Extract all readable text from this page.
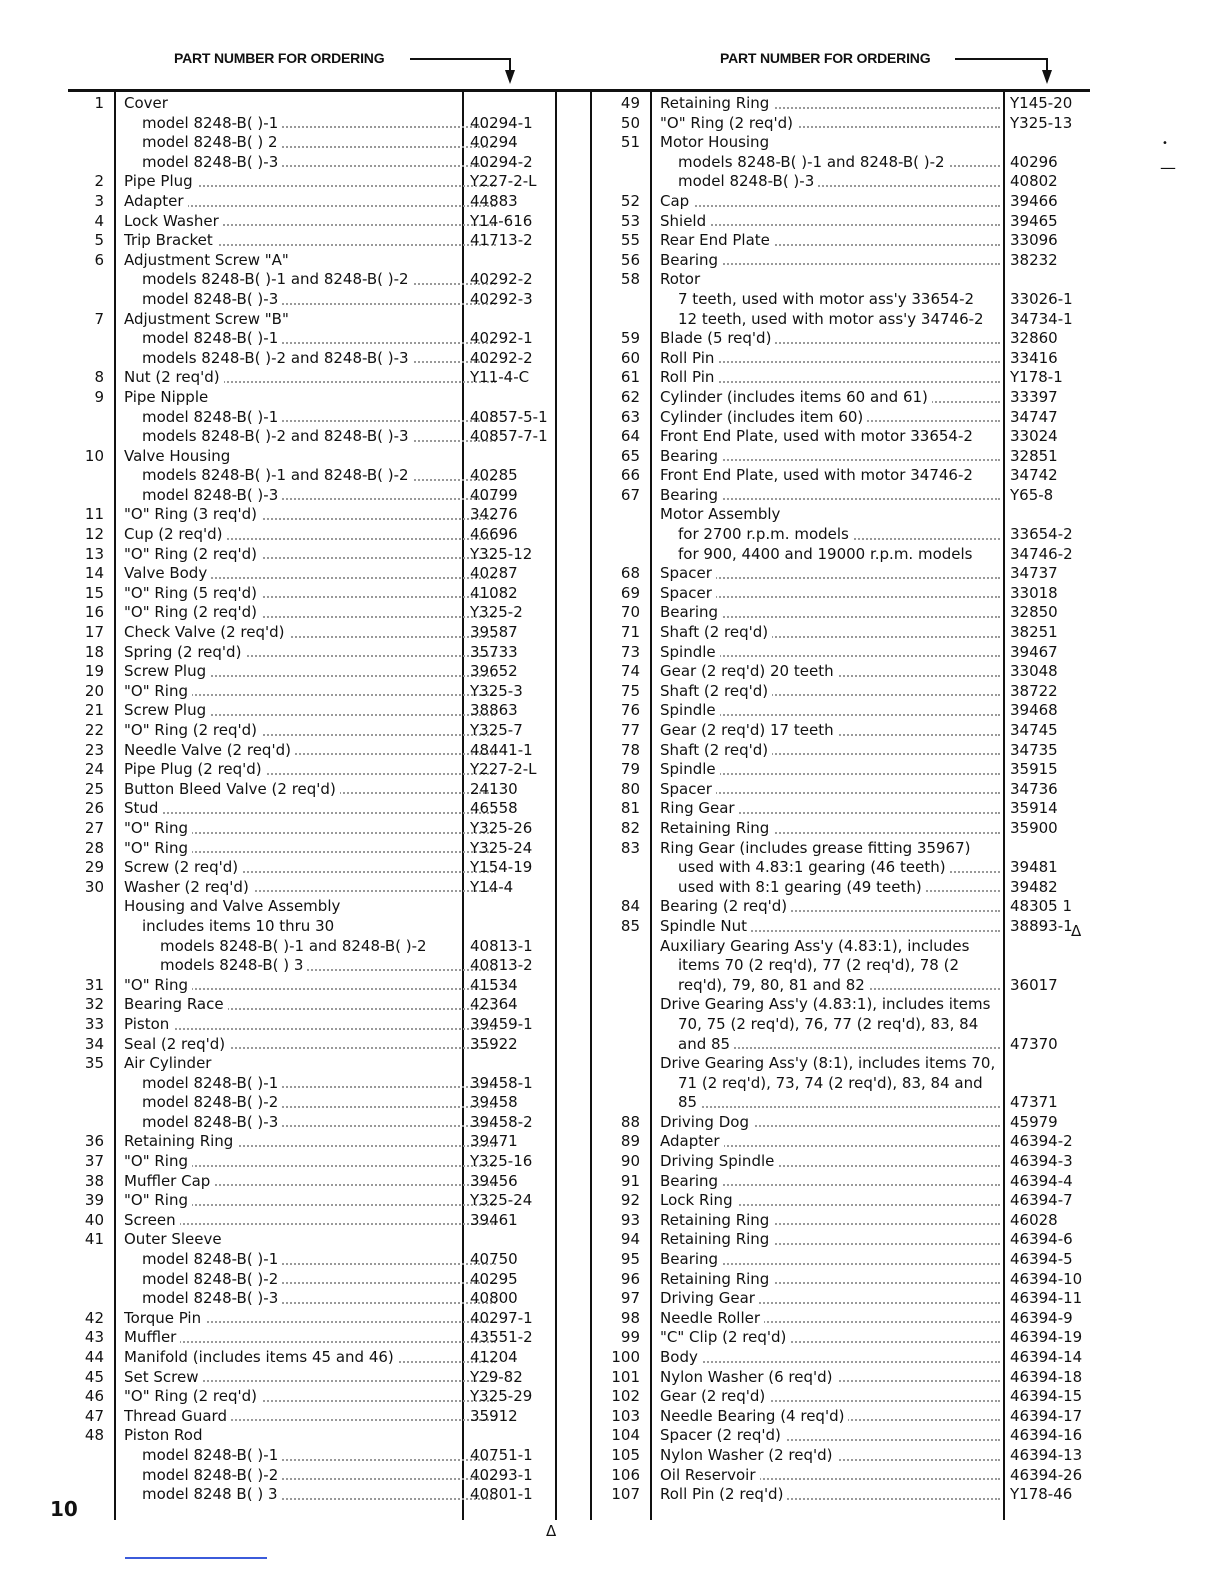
PART NUMBER FOR ORDERING	PART NUMBER FOR ORDERING
1 Cover
model 8248-B( )-1	40294-1
model 8248-B( ) 2	40294
model 8248-B( )-3	40294-2
2 Pipe Plug	Y227-2-L
3 Adapter	44883
4 Lock Washer	Y14-616
5 Trip Bracket	41713-2
6 Adjustment Screw "A"
models 8248-B( )-1 and 8248-B( )-2	40292-2
model 8248-B( )-3	40292-3
7 Adjustment Screw "B"
model 8248-B( )-1	40292-1
models 8248-B( )-2 and 8248-B( )-3	40292-2
8 Nut (2 req'd)	Y11-4-C
9 Pipe Nipple
model 8248-B( )-1	40857-5-1
models 8248-B( )-2 and 8248-B( )-3	40857-7-1
10 Valve Housing
models 8248-B( )-1 and 8248-B( )-2	40285
model 8248-B( )-3	40799
11 "O" Ring (3 req'd)	34276
12 Cup (2 req'd)	46696
13 "O" Ring (2 req'd)	Y325-12
14 Valve Body	40287
15 "O" Ring (5 req'd)	41082
16 "O" Ring (2 req'd)	Y325-2
17 Check Valve (2 req'd)	39587
18 Spring (2 req'd)	35733
19 Screw Plug	39652
20 "O" Ring	Y325-3
21 Screw Plug	38863
22 "O" Ring (2 req'd)	Y325-7
23 Needle Valve (2 req'd)	48441-1
24 Pipe Plug (2 req'd)	Y227-2-L
25 Button Bleed Valve (2 req'd)	24130
26 Stud	46558
27 "O" Ring	Y325-26
28 "O" Ring	Y325-24
29 Screw (2 req'd)	Y154-19
30 Washer (2 req'd)	Y14-4
Housing and Valve Assembly
includes items 10 thru 30
models 8248-B( )-1 and 8248-B( )-2	40813-1
models 8248-B( ) 3	40813-2
31 "O" Ring	41534
32 Bearing Race	42364
33 Piston	39459-1
34 Seal (2 req'd)	35922
35 Air Cylinder
model 8248-B( )-1	39458-1
model 8248-B( )-2	39458
model 8248-B( )-3	39458-2
36 Retaining Ring	39471
37 "O" Ring	Y325-16
38 Muffler Cap	39456
39 "O" Ring	Y325-24
40 Screen	39461
41 Outer Sleeve
model 8248-B( )-1	40750
model 8248-B( )-2	40295
model 8248-B( )-3	40800
42 Torque Pin	40297-1
43 Muffler	43551-2
44 Manifold (includes items 45 and 46)	41204
45 Set Screw	Y29-82
46 "O" Ring (2 req'd)	Y325-29
47 Thread Guard	35912
48 Piston Rod
model 8248-B( )-1	40751-1
model 8248-B( )-2	40293-1
model 8248 B( ) 3	40801-1
49 Retaining Ring	Y145-20
50 "O" Ring (2 req'd)	Y325-13
51 Motor Housing
models 8248-B( )-1 and 8248-B( )-2	40296
model 8248-B( )-3	40802
52 Cap	39466
53 Shield	39465
55 Rear End Plate	33096
56 Bearing	38232
58 Rotor
7 teeth, used with motor ass'y 33654-2	33026-1
12 teeth, used with motor ass'y 34746-2	34734-1
59 Blade (5 req'd)	32860
60 Roll Pin	33416
61 Roll Pin	Y178-1
62 Cylinder (includes items 60 and 61)	33397
63 Cylinder (includes item 60)	34747
64 Front End Plate, used with motor 33654-2	33024
65 Bearing	32851
66 Front End Plate, used with motor 34746-2	34742
67 Bearing	Y65-8
Motor Assembly
for 2700 r.p.m. models	33654-2
for 900, 4400 and 19000 r.p.m. models	34746-2
68 Spacer	34737
69 Spacer	33018
70 Bearing	32850
71 Shaft (2 req'd)	38251
73 Spindle	39467
74 Gear (2 req'd) 20 teeth	33048
75 Shaft (2 req'd)	38722
76 Spindle	39468
77 Gear (2 req'd) 17 teeth	34745
78 Shaft (2 req'd)	34735
79 Spindle	35915
80 Spacer	34736
81 Ring Gear	35914
82 Retaining Ring	35900
83 Ring Gear (includes grease fitting 35967)
used with 4.83:1 gearing (46 teeth)	39481
used with 8:1 gearing (49 teeth)	39482
84 Bearing (2 req'd)	48305 1
85 Spindle Nut	38893-1
Auxiliary Gearing Ass'y (4.83:1), includes
items 70 (2 req'd), 77 (2 req'd), 78 (2
req'd), 79, 80, 81 and 82	36017
Drive Gearing Ass'y (4.83:1), includes items
70, 75 (2 req'd), 76, 77 (2 req'd), 83, 84
and 85	47370
Drive Gearing Ass'y (8:1), includes items 70,
71 (2 req'd), 73, 74 (2 req'd), 83, 84 and
85	47371
88 Driving Dog	45979
89 Adapter	46394-2
90 Driving Spindle	46394-3
91 Bearing	46394-4
92 Lock Ring	46394-7
93 Retaining Ring	46028
94 Retaining Ring	46394-6
95 Bearing	46394-5
96 Retaining Ring	46394-10
97 Driving Gear	46394-11
98 Needle Roller	46394-9
99 "C" Clip (2 req'd)	46394-19
100 Body	46394-14
101 Nylon Washer (6 req'd)	46394-18
102 Gear (2 req'd)	46394-15
103 Needle Bearing (4 req'd)	46394-17
104 Spacer (2 req'd)	46394-16
105 Nylon Washer (2 req'd)	46394-13
106 Oil Reservoir	46394-26
107 Roll Pin (2 req'd)	Y178-46
Δ
Δ
—
•
10
